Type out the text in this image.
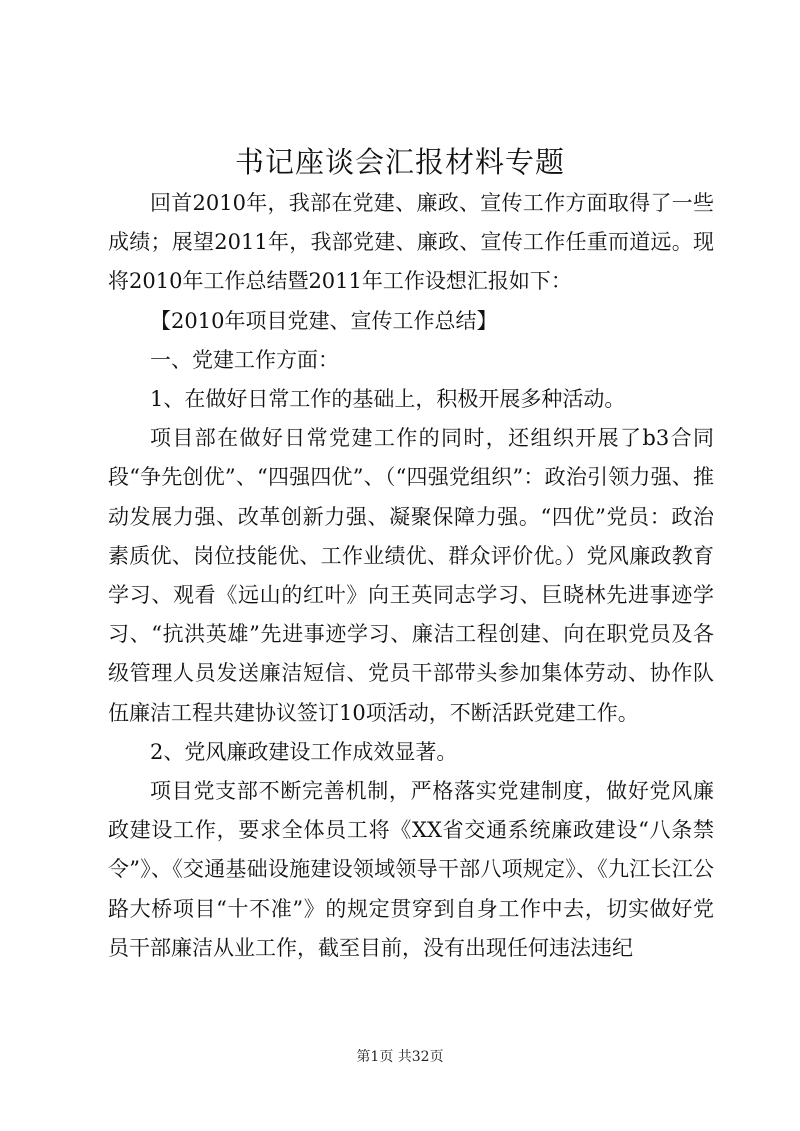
书记座谈会汇报材料专题

回首2010年，我部在党建、廉政、宣传工作方面取得了一些成绩；展望2011年，我部党建、廉政、宣传工作任重而道远。现将2010年工作总结暨2011年工作设想汇报如下：

【2010年项目党建、宣传工作总结】

一、党建工作方面：

1、在做好日常工作的基础上，积极开展多种活动。

项目部在做好日常党建工作的同时，还组织开展了b3合同段“争先创优”、“四强四优”、（“四强党组织”：政治引领力强、推动发展力强、改革创新力强、凝聚保障力强。“四优”党员：政治素质优、岗位技能优、工作业绩优、群众评价优。）党风廉政教育学习、观看《远山的红叶》向王英同志学习、巨晓林先进事迹学习、“抗洪英雄”先进事迹学习、廉洁工程创建、向在职党员及各级管理人员发送廉洁短信、党员干部带头参加集体劳动、协作队伍廉洁工程共建协议签订10项活动，不断活跃党建工作。

2、党风廉政建设工作成效显著。

项目党支部不断完善机制，严格落实党建制度，做好党风廉政建设工作，要求全体员工将《XX省交通系统廉政建设“八条禁令”》、《交通基础设施建设领域领导干部八项规定》、《九江长江公路大桥项目“十不准”》的规定贯穿到自身工作中去，切实做好党员干部廉洁从业工作，截至目前，没有出现任何违法违纪

第1页 共32页
